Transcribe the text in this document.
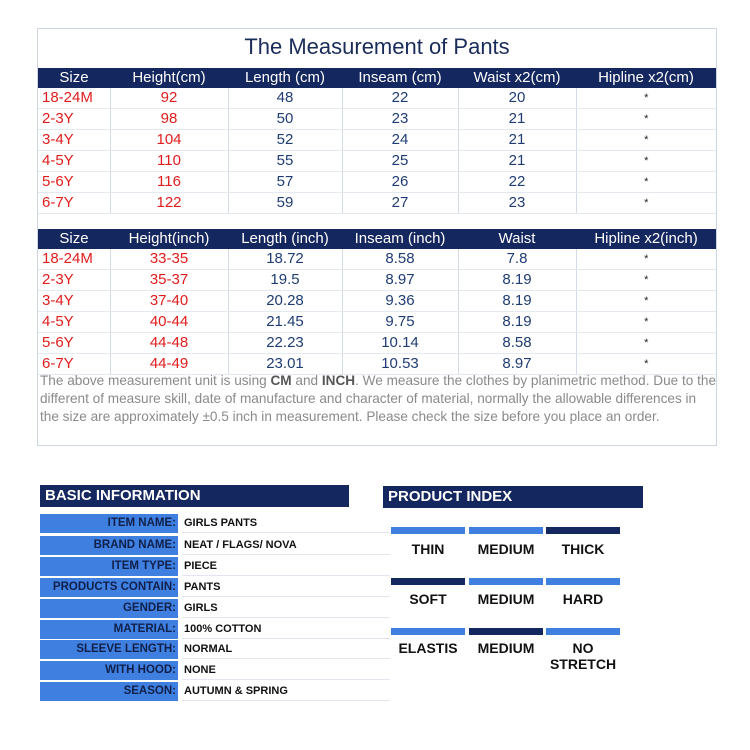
The Measurement of Pants
Size	Height(cm)	Length (cm)	Inseam (cm)	Waist x2(cm)	Hipline x2(cm)
18-24M	92	48	22	20	*
2-3Y	98	50	23	21	*
3-4Y	104	52	24	21	*
4-5Y	110	55	25	21	*
5-6Y	116	57	26	22	*
6-7Y	122	59	27	23	*
Size	Height(inch)	Length (inch)	Inseam (inch)	Waist	Hipline x2(inch)
18-24M	33-35	18.72	8.58	7.8	*
2-3Y	35-37	19.5	8.97	8.19	*
3-4Y	37-40	20.28	9.36	8.19	*
4-5Y	40-44	21.45	9.75	8.19	*
5-6Y	44-48	22.23	10.14	8.58	*
6-7Y	44-49	23.01	10.53	8.97	*
The above measurement unit is using CM and INCH. We measure the clothes by planimetric method. Due to the different of measure skill, date of manufacture and character of material, normally the allowable differences in the size are approximately ±0.5 inch in measurement. Please check the size before you place an order.
BASIC INFORMATION
ITEM NAME: GIRLS PANTS
BRAND NAME: NEAT / FLAGS/ NOVA
ITEM TYPE: PIECE
PRODUCTS CONTAIN: PANTS
GENDER: GIRLS
MATERIAL: 100% COTTON
SLEEVE LENGTH: NORMAL
WITH HOOD: NONE
SEASON: AUTUMN & SPRING
PRODUCT INDEX
THIN	MEDIUM	THICK
SOFT	MEDIUM	HARD
ELASTIS	MEDIUM	NO STRETCH
